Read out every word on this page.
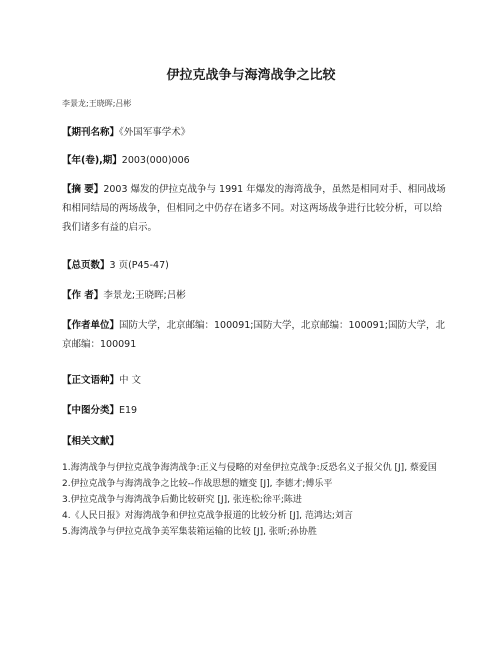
伊拉克战争与海湾战争之比较
李景龙;王晓晖;吕彬
【期刊名称】《外国军事学术》
【年(卷),期】2003(000)006
【摘 要】2003 爆发的伊拉克战争与 1991 年爆发的海湾战争，虽然是相同对手、相同战场和相同结局的两场战争，但相同之中仍存在诸多不同。对这两场战争进行比较分析，可以给我们诸多有益的启示。
【总页数】3 页(P45-47)
【作 者】李景龙;王晓晖;吕彬
【作者单位】国防大学，北京邮编：100091;国防大学，北京邮编：100091;国防大学，北京邮编：100091
【正文语种】中 文
【中图分类】E19
【相关文献】
1.海湾战争与伊拉克战争海湾战争:正义与侵略的对垒伊拉克战争:反恐名义子报父仇 [J], 蔡爱国
2.伊拉克战争与海湾战争之比较--作战思想的嬗变 [J], 李德才;傅乐平
3.伊拉克战争与海湾战争后勤比较研究 [J], 张连松;徐平;陈进
4.《人民日报》对海湾战争和伊拉克战争报道的比较分析 [J], 范鸿达;刘言
5.海湾战争与伊拉克战争美军集装箱运输的比较 [J], 张昕;孙协胜
